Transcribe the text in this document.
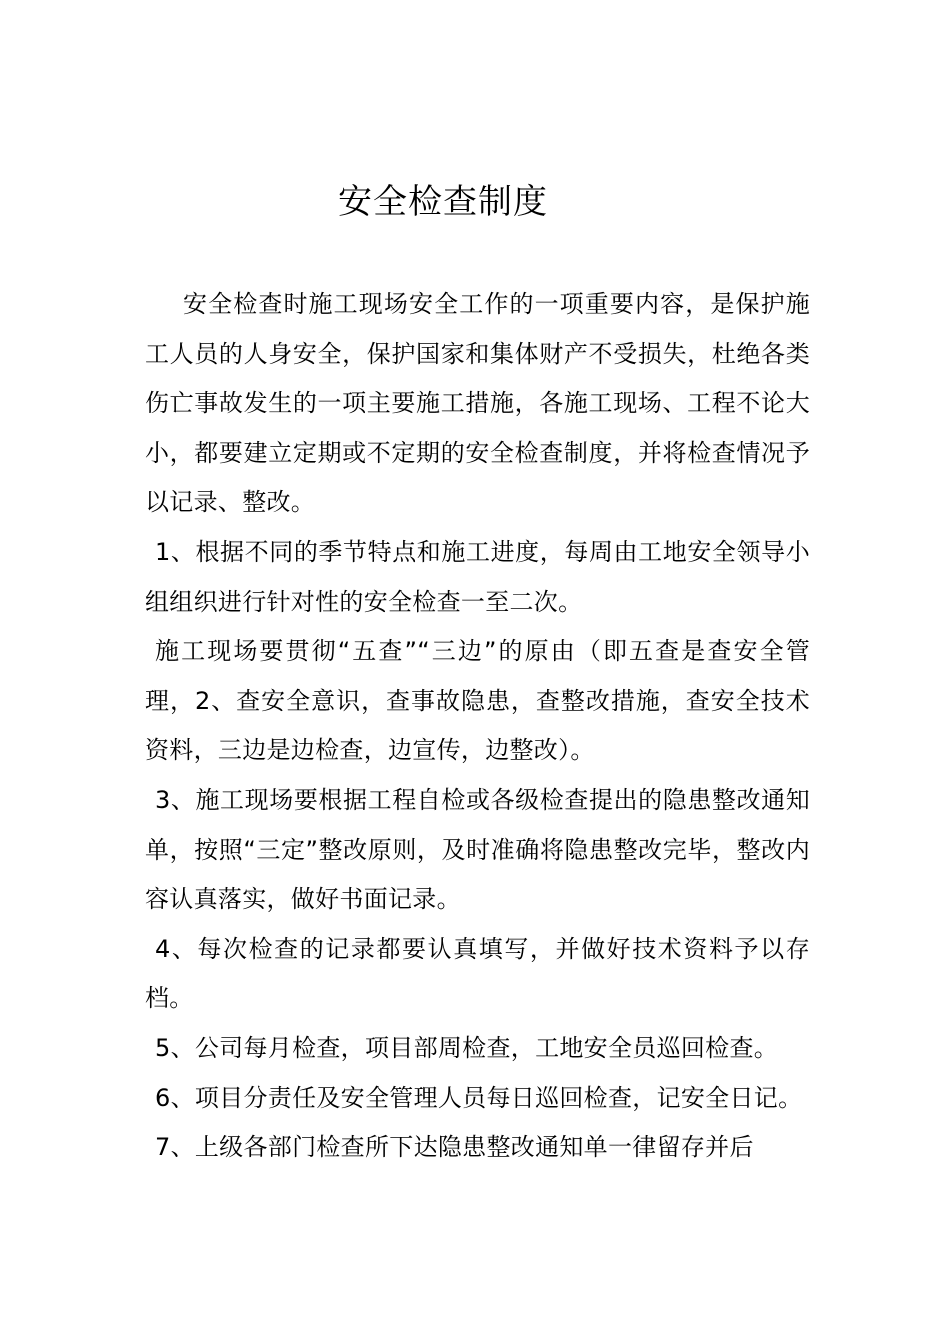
安全检查制度

安全检查时施工现场安全工作的一项重要内容，是保护施工人员的人身安全，保护国家和集体财产不受损失，杜绝各类伤亡事故发生的一项主要施工措施，各施工现场、工程不论大小，都要建立定期或不定期的安全检查制度，并将检查情况予以记录、整改。

1、根据不同的季节特点和施工进度，每周由工地安全领导小组组织进行针对性的安全检查一至二次。

施工现场要贯彻“五查”“三边”的原由（即五查是查安全管理，2、查安全意识，查事故隐患，查整改措施，查安全技术资料，三边是边检查，边宣传，边整改）。

3、施工现场要根据工程自检或各级检查提出的隐患整改通知单，按照“三定”整改原则，及时准确将隐患整改完毕，整改内容认真落实，做好书面记录。

4、每次检查的记录都要认真填写，并做好技术资料予以存档。

5、公司每月检查，项目部周检查，工地安全员巡回检查。

6、项目分责任及安全管理人员每日巡回检查，记安全日记。

7、上级各部门检查所下达隐患整改通知单一律留存并后
